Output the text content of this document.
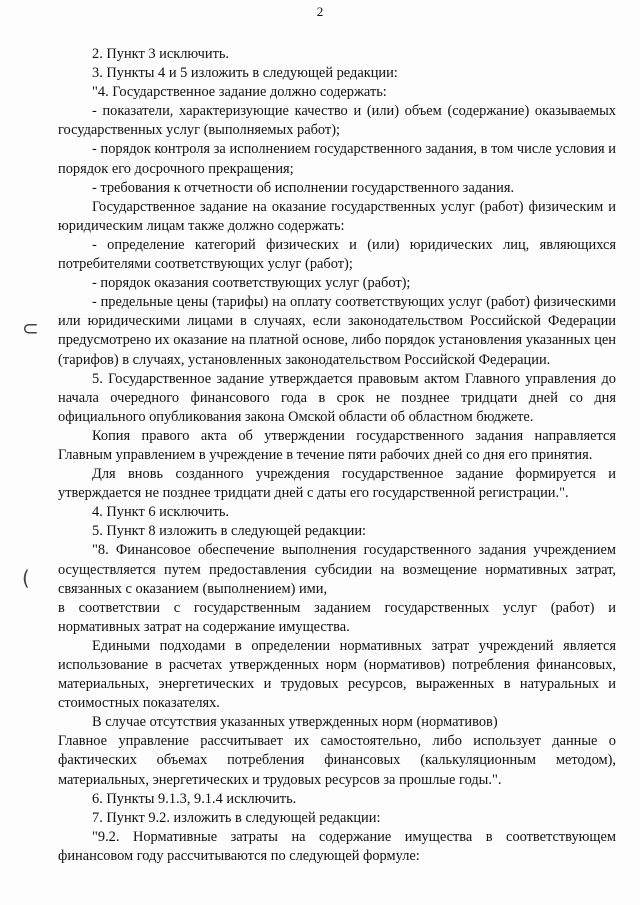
2
⊂
(

2. Пункт 3 исключить.

3. Пункты 4 и 5 изложить в следующей редакции:

"4. Государственное задание должно содержать:

- показатели, характеризующие качество и (или) объем (содержание) оказываемых государственных услуг (выполняемых работ);

- порядок контроля за исполнением государственного задания, в том числе условия и порядок его досрочного прекращения;

- требования к отчетности об исполнении государственного задания.

Государственное задание на оказание государственных услуг (работ) физическим и юридическим лицам также должно содержать:

- определение категорий физических и (или) юридических лиц, являющихся потребителями соответствующих услуг (работ);

- порядок оказания соответствующих услуг (работ);

- предельные цены (тарифы) на оплату соответствующих услуг (работ) физическими или юридическими лицами в случаях, если законодательством Российской Федерации предусмотрено их оказание на платной основе, либо порядок установления указанных цен (тарифов) в случаях, установленных законодательством Российской Федерации.

5. Государственное задание утверждается правовым актом Главного управления до начала очередного финансового года в срок не позднее тридцати дней со дня официального опубликования закона Омской области об областном бюджете.

Копия правого акта об утверждении государственного задания направляется Главным управлением в учреждение в течение пяти рабочих дней со дня его принятия.

Для вновь созданного учреждения государственное задание формируется и утверждается не позднее тридцати дней с даты его государственной регистрации.".

4. Пункт 6 исключить.

5. Пункт 8 изложить в следующей редакции:

"8. Финансовое обеспечение выполнения государственного задания учреждением осуществляется путем предоставления субсидии на возмещение нормативных затрат, связанных с оказанием (выполнением) ими,

в соответствии с государственным заданием государственных услуг (работ) и нормативных затрат на содержание имущества.

Едиными подходами в определении нормативных затрат учреждений является использование в расчетах утвержденных норм (нормативов) потребления финансовых, материальных, энергетических и трудовых ресурсов, выраженных в натуральных и стоимостных показателях.

В случае отсутствия указанных утвержденных норм (нормативов)

Главное управление рассчитывает их самостоятельно, либо использует данные о фактических объемах потребления финансовых (калькуляционным методом), материальных, энергетических и трудовых ресурсов за прошлые годы.".

6. Пункты 9.1.3, 9.1.4 исключить.

7. Пункт 9.2. изложить в следующей редакции:

"9.2. Нормативные затраты на содержание имущества в соответствующем финансовом году рассчитываются по следующей формуле:
